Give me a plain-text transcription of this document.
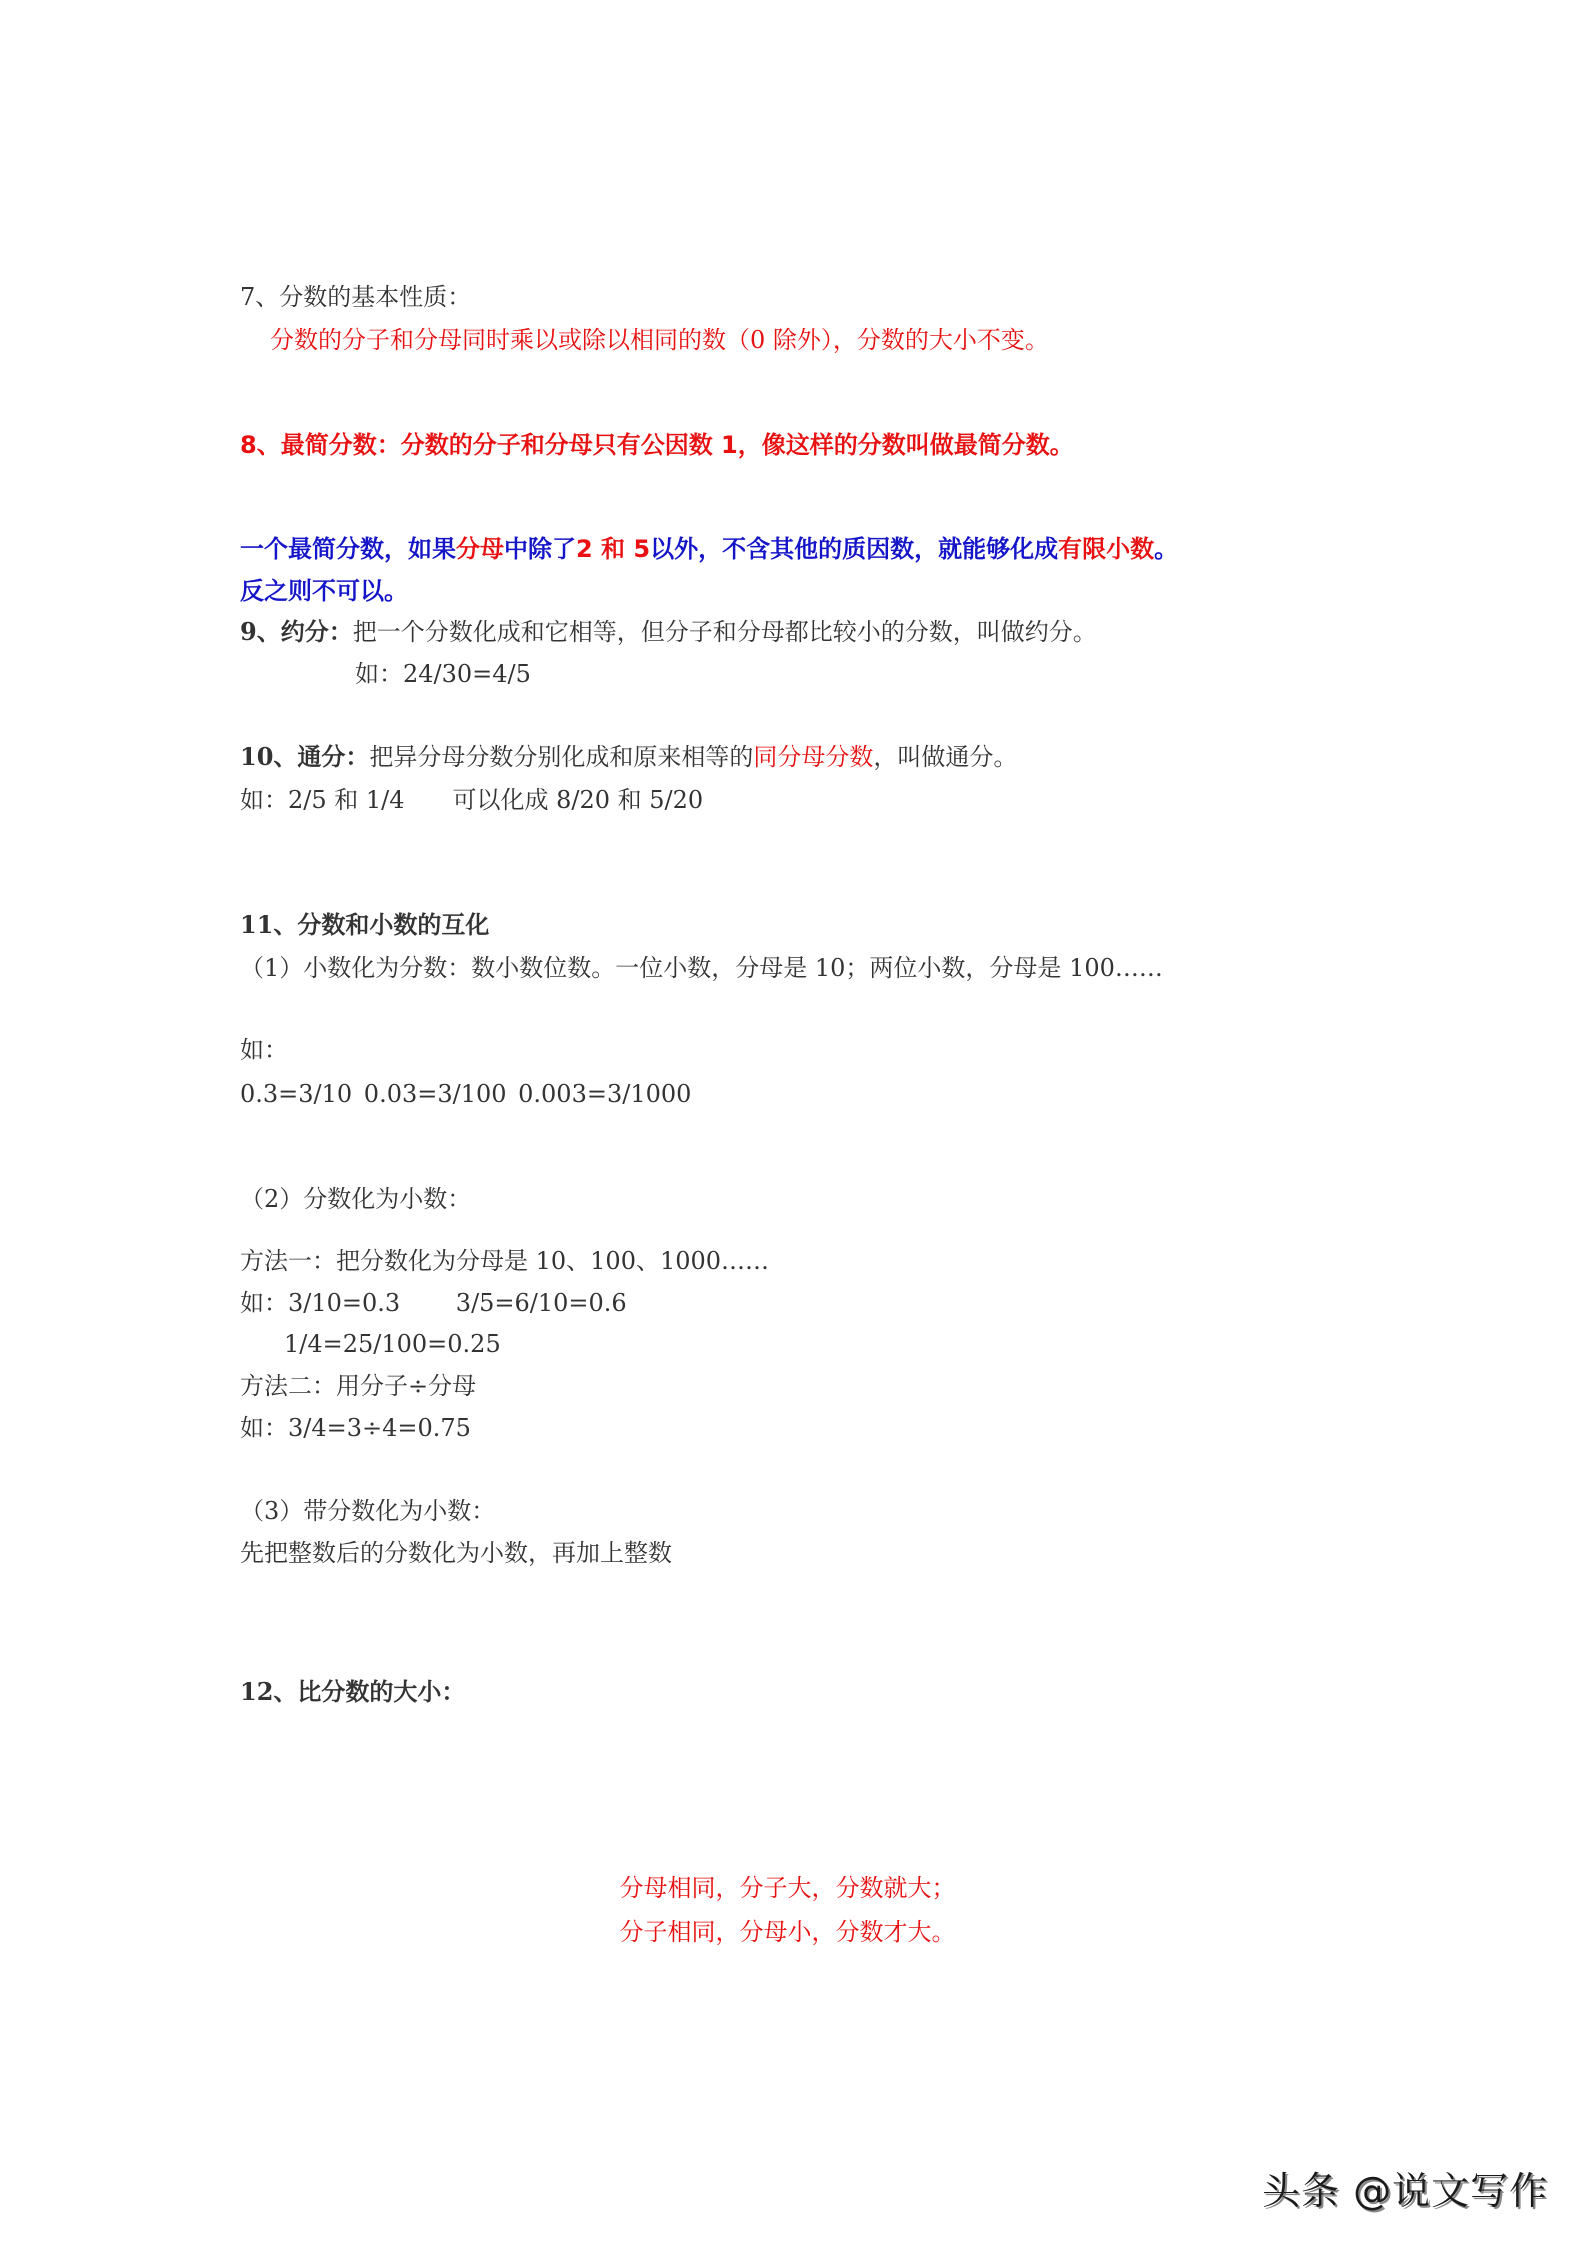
7、分数的基本性质：
分数的分子和分母同时乘以或除以相同的数（0 除外），分数的大小不变。
8、最简分数：分数的分子和分母只有公因数 1，像这样的分数叫做最简分数。
一个最简分数，如果分母中除了2 和 5以外，不含其他的质因数，就能够化成有限小数。
反之则不可以。
9、约分：把一个分数化成和它相等，但分子和分母都比较小的分数，叫做约分。
如：24/30=4/5
10、通分：把异分母分数分别化成和原来相等的同分母分数，叫做通分。
如：2/5 和 1/4　　可以化成 8/20 和 5/20
11、分数和小数的互化
（1）小数化为分数：数小数位数。一位小数，分母是 10；两位小数，分母是 100……
如：
0.3=3/10 0.03=3/100 0.003=3/1000
（2）分数化为小数：
方法一：把分数化为分母是 10、100、1000……
如：3/10=0.3　　 3/5=6/10=0.6
1/4=25/100=0.25
方法二：用分子÷分母
如：3/4=3÷4=0.75
（3）带分数化为小数：
先把整数后的分数化为小数，再加上整数
12、比分数的大小：
分母相同，分子大，分数就大；
分子相同，分母小，分数才大。
头条 @说文写作
